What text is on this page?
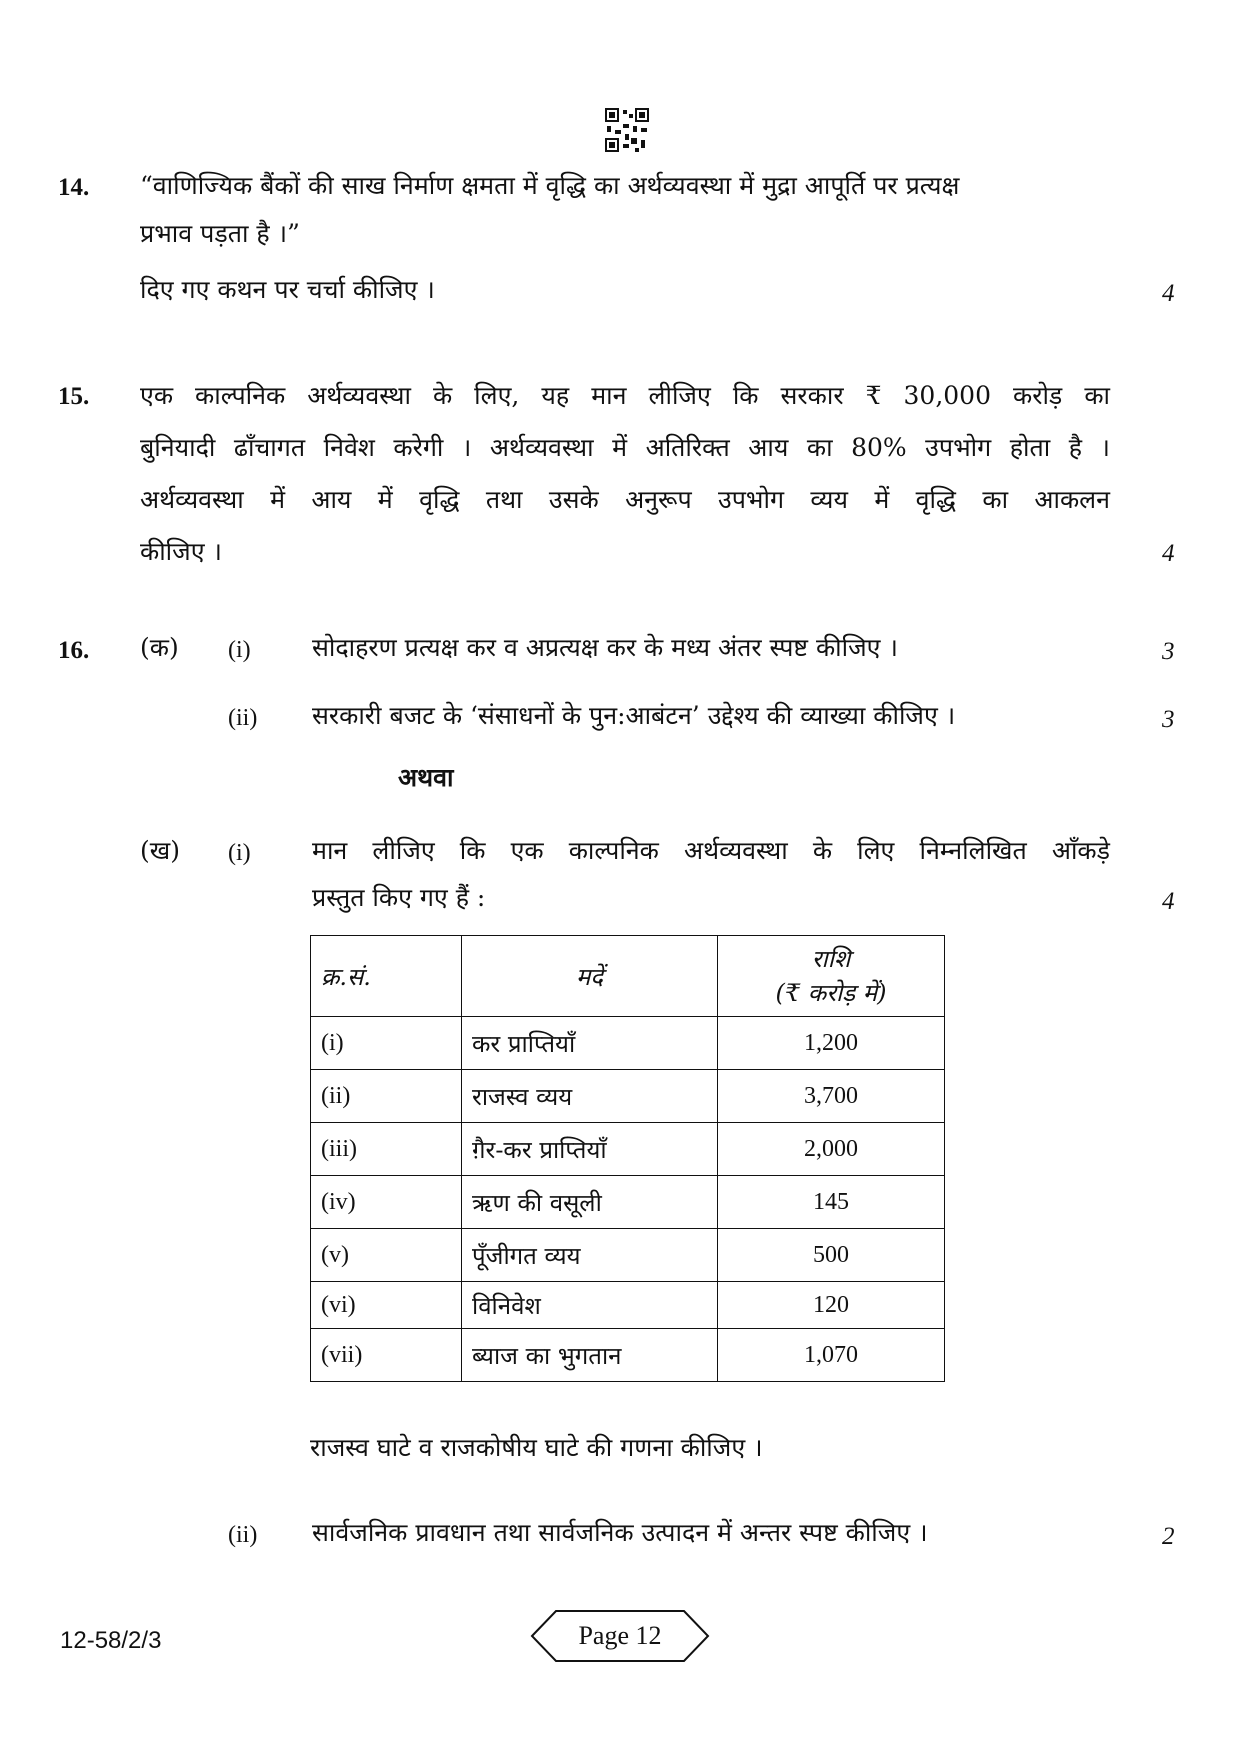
14. “वाणिज्यिक बैंकों की साख निर्माण क्षमता में वृद्धि का अर्थव्यवस्था में मुद्रा आपूर्ति पर प्रत्यक्ष
प्रभाव पड़ता है ।”
दिए गए कथन पर चर्चा कीजिए ।	4
15. एक काल्पनिक अर्थव्यवस्था के लिए, यह मान लीजिए कि सरकार ₹ 30,000 करोड़ का
बुनियादी ढाँचागत निवेश करेगी । अर्थव्यवस्था में अतिरिक्त आय का 80% उपभोग होता है ।
अर्थव्यवस्था में आय में वृद्धि तथा उसके अनुरूप उपभोग व्यय में वृद्धि का आकलन
कीजिए ।	4
16. (क) (i) सोदाहरण प्रत्यक्ष कर व अप्रत्यक्ष कर के मध्य अंतर स्पष्ट कीजिए ।	3
(ii) सरकारी बजट के ‘संसाधनों के पुन:आबंटन’ उद्देश्य की व्याख्या कीजिए ।	3
अथवा
(ख) (i) मान लीजिए कि एक काल्पनिक अर्थव्यवस्था के लिए निम्नलिखित आँकड़े
प्रस्तुत किए गए हैं :	4
क्र.सं.	मदें	राशि
(₹ करोड़ में)
(i)	कर प्राप्तियाँ	1,200
(ii)	राजस्व व्यय	3,700
(iii)	ग़ैर-कर प्राप्तियाँ	2,000
(iv)	ऋण की वसूली	145
(v)	पूँजीगत व्यय	500
(vi)	विनिवेश	120
(vii)	ब्याज का भुगतान	1,070
राजस्व घाटे व राजकोषीय घाटे की गणना कीजिए ।
(ii) सार्वजनिक प्रावधान तथा सार्वजनिक उत्पादन में अन्तर स्पष्ट कीजिए ।	2
12-58/2/3	Page 12
